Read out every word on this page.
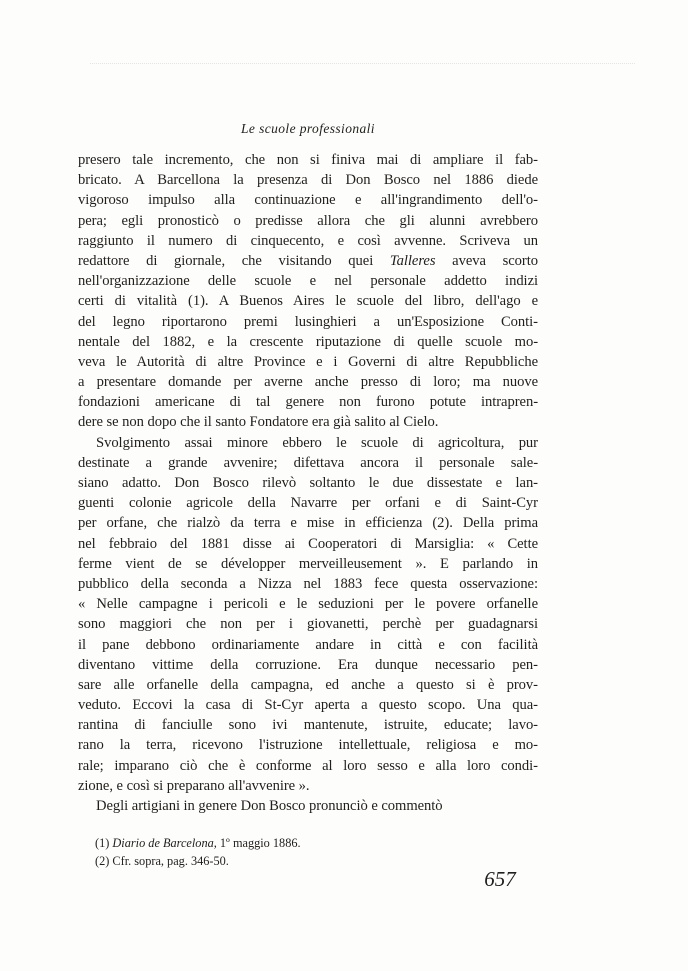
Le scuole professionali
presero tale incremento, che non si finiva mai di ampliare il fab-
bricato. A Barcellona la presenza di Don Bosco nel 1886 diede
vigoroso impulso alla continuazione e all'ingrandimento dell'o-
pera; egli pronosticò o predisse allora che gli alunni avrebbero
raggiunto il numero di cinquecento, e così avvenne. Scriveva un
redattore di giornale, che visitando quei Talleres aveva scorto
nell'organizzazione delle scuole e nel personale addetto indizi
certi di vitalità (1). A Buenos Aires le scuole del libro, dell'ago e
del legno riportarono premi lusinghieri a un'Esposizione Conti-
nentale del 1882, e la crescente riputazione di quelle scuole mo-
veva le Autorità di altre Province e i Governi di altre Repubbliche
a presentare domande per averne anche presso di loro; ma nuove
fondazioni americane di tal genere non furono potute intrapren-
dere se non dopo che il santo Fondatore era già salito al Cielo.
Svolgimento assai minore ebbero le scuole di agricoltura, pur
destinate a grande avvenire; difettava ancora il personale sale-
siano adatto. Don Bosco rilevò soltanto le due dissestate e lan-
guenti colonie agricole della Navarre per orfani e di Saint-Cyr
per orfane, che rialzò da terra e mise in efficienza (2). Della prima
nel febbraio del 1881 disse ai Cooperatori di Marsiglia: « Cette
ferme vient de se développer merveilleusement ». E parlando in
pubblico della seconda a Nizza nel 1883 fece questa osservazione:
« Nelle campagne i pericoli e le seduzioni per le povere orfanelle
sono maggiori che non per i giovanetti, perchè per guadagnarsi
il pane debbono ordinariamente andare in città e con facilità
diventano vittime della corruzione. Era dunque necessario pen-
sare alle orfanelle della campagna, ed anche a questo si è prov-
veduto. Eccovi la casa di St-Cyr aperta a questo scopo. Una qua-
rantina di fanciulle sono ivi mantenute, istruite, educate; lavo-
rano la terra, ricevono l'istruzione intellettuale, religiosa e mo-
rale; imparano ciò che è conforme al loro sesso e alla loro condi-
zione, e così si preparano all'avvenire ».
Degli artigiani in genere Don Bosco pronunciò e commentò
(1) Diario de Barcelona, 1º maggio 1886.
(2) Cfr. sopra, pag. 346-50.
657
